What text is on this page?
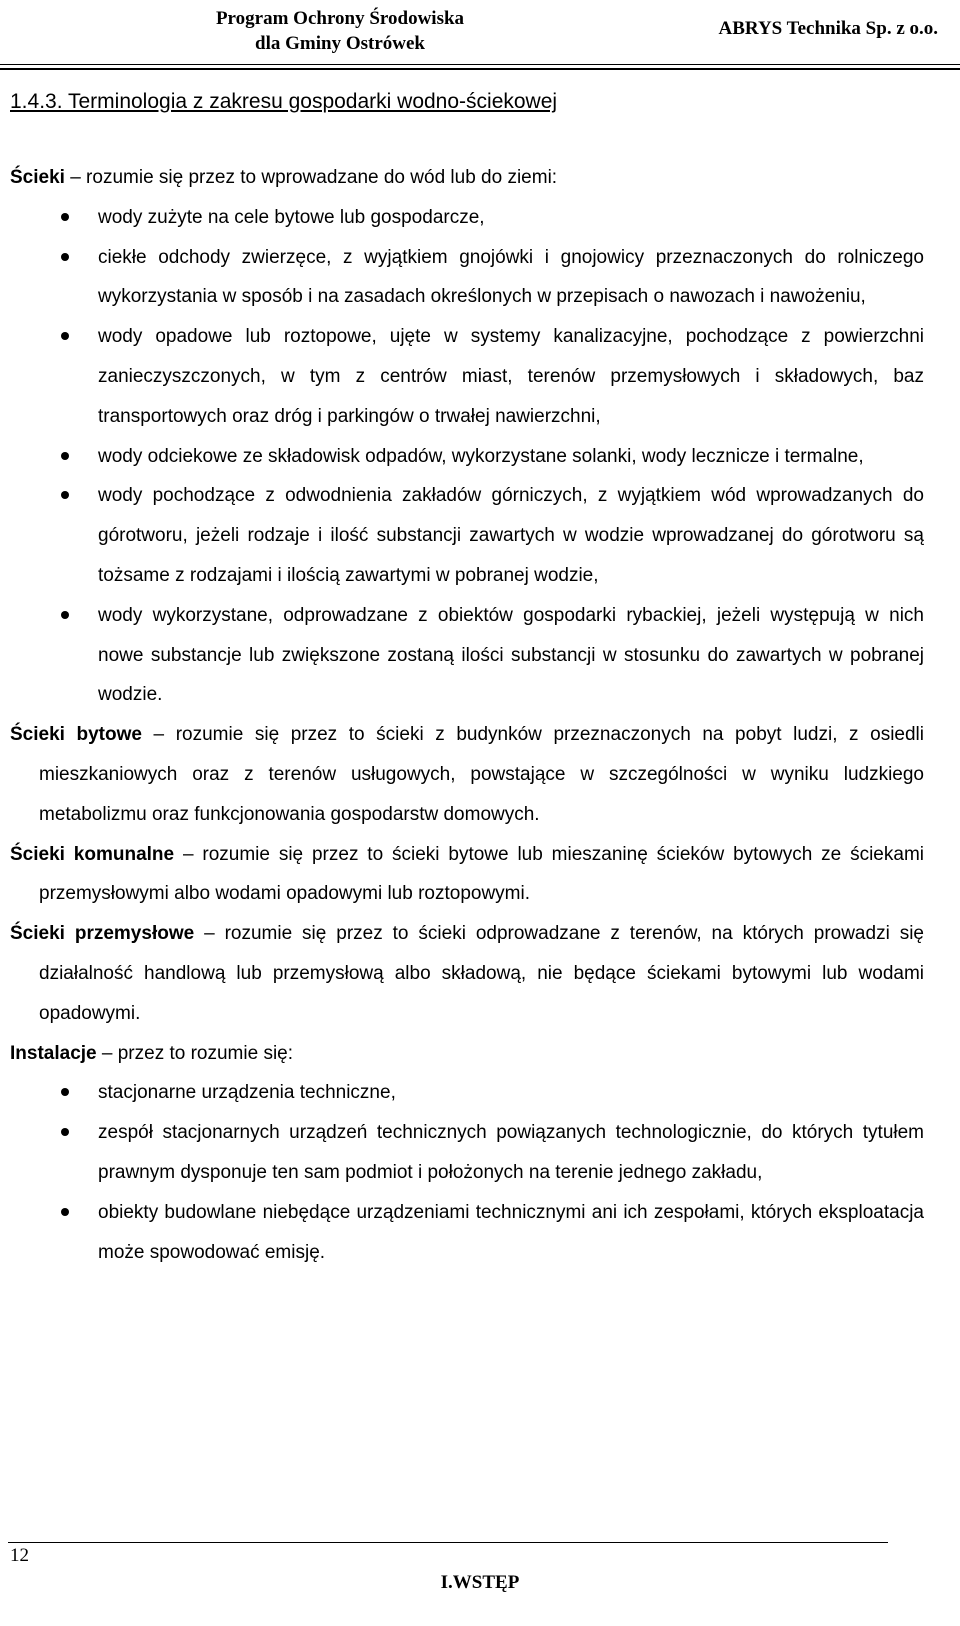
Program Ochrony Środowiska
dla Gminy Ostrówek
ABRYS Technika Sp. z o.o.
1.4.3. Terminologia z zakresu gospodarki wodno-ściekowej

Ścieki – rozumie się przez to wprowadzane do wód lub do ziemi:

wody zużyte na cele bytowe lub gospodarcze,
ciekłe odchody zwierzęce, z wyjątkiem gnojówki i gnojowicy przeznaczonych do rolniczego wykorzystania w sposób i na zasadach określonych w przepisach o nawozach i nawożeniu,
wody opadowe lub roztopowe, ujęte w systemy kanalizacyjne, pochodzące z powierzchni zanieczyszczonych, w tym z centrów miast, terenów przemysłowych i składowych, baz transportowych oraz dróg i parkingów o trwałej nawierzchni,
wody odciekowe ze składowisk odpadów, wykorzystane solanki, wody lecznicze i termalne,
wody pochodzące z odwodnienia zakładów górniczych, z wyjątkiem wód wprowadzanych do górotworu, jeżeli rodzaje i ilość substancji zawartych w wodzie wprowadzanej do górotworu są tożsame z rodzajami i ilością zawartymi w pobranej wodzie,
wody wykorzystane, odprowadzane z obiektów gospodarki rybackiej, jeżeli występują w nich nowe substancje lub zwiększone zostaną ilości substancji w stosunku do zawartych w pobranej wodzie.

Ścieki bytowe – rozumie się przez to ścieki z budynków przeznaczonych na pobyt ludzi, z osiedli mieszkaniowych oraz z terenów usługowych, powstające w szczególności w wyniku ludzkiego metabolizmu oraz funkcjonowania gospodarstw domowych.

Ścieki komunalne – rozumie się przez to ścieki bytowe lub mieszaninę ścieków bytowych ze ściekami przemysłowymi albo wodami opadowymi lub roztopowymi.

Ścieki przemysłowe – rozumie się przez to ścieki odprowadzane z terenów, na których prowadzi się działalność handlową lub przemysłową albo składową, nie będące ściekami bytowymi lub wodami opadowymi.

Instalacje – przez to rozumie się:

stacjonarne urządzenia techniczne,
zespół stacjonarnych urządzeń technicznych powiązanych technologicznie, do których tytułem prawnym dysponuje ten sam podmiot i położonych na terenie jednego zakładu,
obiekty budowlane niebędące urządzeniami technicznymi ani ich zespołami, których eksploatacja może spowodować emisję.
12
I.WSTĘP
